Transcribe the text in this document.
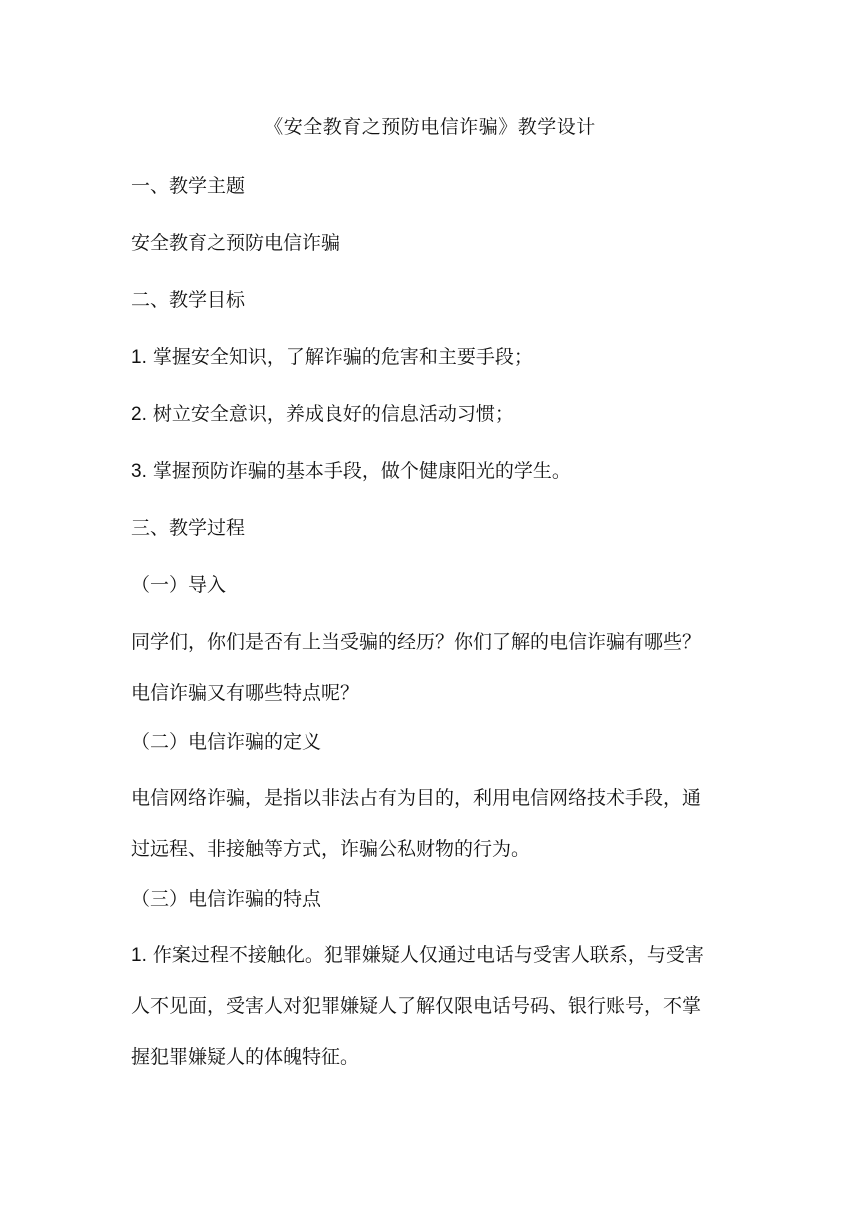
《安全教育之预防电信诈骗》教学设计
一、教学主题
安全教育之预防电信诈骗
二、教学目标
1. 掌握安全知识，了解诈骗的危害和主要手段；
2. 树立安全意识，养成良好的信息活动习惯；
3. 掌握预防诈骗的基本手段，做个健康阳光的学生。
三、教学过程
（一）导入
同学们，你们是否有上当受骗的经历？你们了解的电信诈骗有哪些？
电信诈骗又有哪些特点呢？
（二）电信诈骗的定义
电信网络诈骗，是指以非法占有为目的，利用电信网络技术手段，通
过远程、非接触等方式，诈骗公私财物的行为。
（三）电信诈骗的特点
1. 作案过程不接触化。犯罪嫌疑人仅通过电话与受害人联系，与受害
人不见面，受害人对犯罪嫌疑人了解仅限电话号码、银行账号，不掌
握犯罪嫌疑人的体魄特征。
